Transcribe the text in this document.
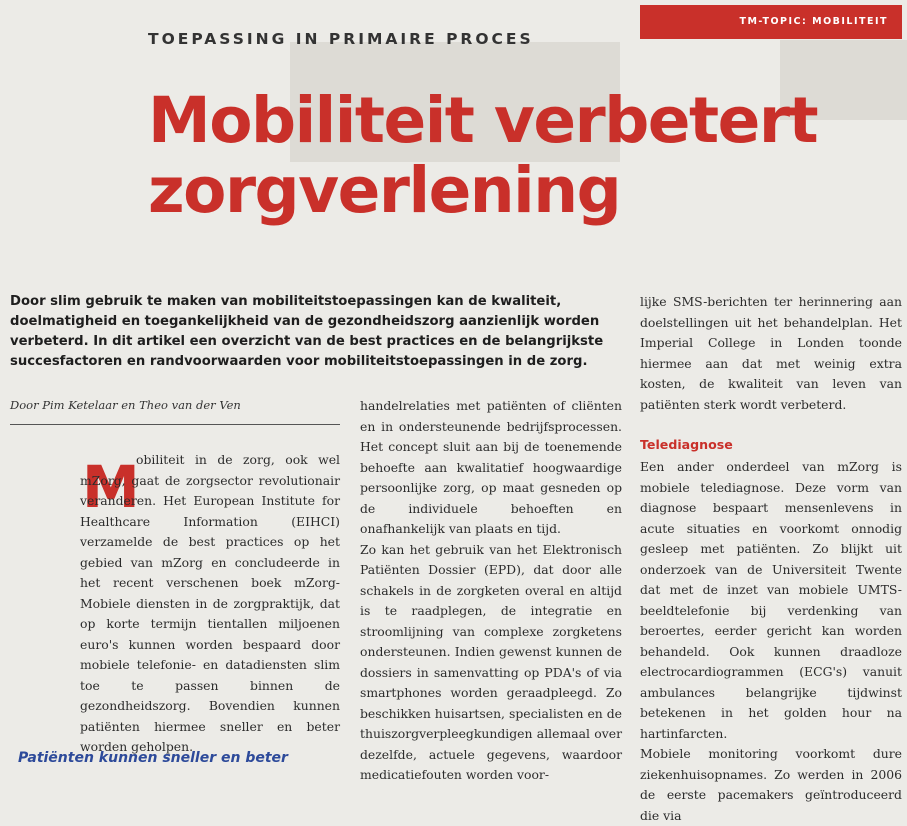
TM-TOPIC: MOBILITEIT
TOEPASSING IN PRIMAIRE PROCES
Mobiliteit verbetert
zorgverlening
Door slim gebruik te maken van mobiliteitstoepassingen kan de kwaliteit, doelmatigheid en toegankelijkheid van de gezondheidszorg aanzienlijk worden verbeterd. In dit artikel een overzicht van de best practices en de belangrijkste succesfactoren en randvoorwaarden voor mobiliteitstoepassingen in de zorg.
Door Pim Ketelaar en Theo van der Ven
M

obiliteit in de zorg, ook wel mZorg, gaat de zorgsector revolutionair veranderen. Het European Institute for Healthcare Information (EIHCI) verzamelde de best practices op het gebied van mZorg en concludeerde in het recent verschenen boek mZorg-Mobiele diensten in de zorgpraktijk, dat op korte termijn tientallen miljoenen euro's kunnen worden bespaard door mobiele telefonie- en datadiensten slim toe te passen binnen de gezondheidszorg. Bovendien kunnen patiënten hiermee sneller en beter worden geholpen.

handelrelaties met patiënten of cliënten en in ondersteunende bedrijfsprocessen. Het concept sluit aan bij de toenemende behoefte aan kwalitatief hoogwaardige persoonlijke zorg, op maat gesneden op de individuele behoeften en onafhankelijk van plaats en tijd.

Zo kan het gebruik van het Elektronisch Patiënten Dossier (EPD), dat door alle schakels in de zorgketen overal en altijd is te raadplegen, de integratie en stroomlijning van complexe zorgketens ondersteunen. Indien gewenst kunnen de dossiers in samenvatting op PDA's of via smartphones worden geraadpleegd. Zo beschikken huisartsen, specialisten en de thuiszorgverpleegkundigen allemaal over dezelfde, actuele gegevens, waardoor medicatiefouten worden voor-

lijke SMS-berichten ter herinnering aan doelstellingen uit het behandelplan. Het Imperial College in Londen toonde hiermee aan dat met weinig extra kosten, de kwaliteit van leven van patiënten sterk wordt verbeterd.

Telediagnose

Een ander onderdeel van mZorg is mobiele telediagnose. Deze vorm van diagnose bespaart mensenlevens in acute situaties en voorkomt onnodig gesleep met patiënten. Zo blijkt uit onderzoek van de Universiteit Twente dat met de inzet van mobiele UMTS-beeldtelefonie bij verdenking van beroertes, eerder gericht kan worden behandeld. Ook kunnen draadloze electrocardiogrammen (ECG's) vanuit ambulances belangrijke tijdwinst betekenen in het golden hour na hartinfarcten.

Mobiele monitoring voorkomt dure ziekenhuisopnames. Zo werden in 2006 de eerste pacemakers geïntroduceerd die via

Patiënten kunnen sneller en beter
